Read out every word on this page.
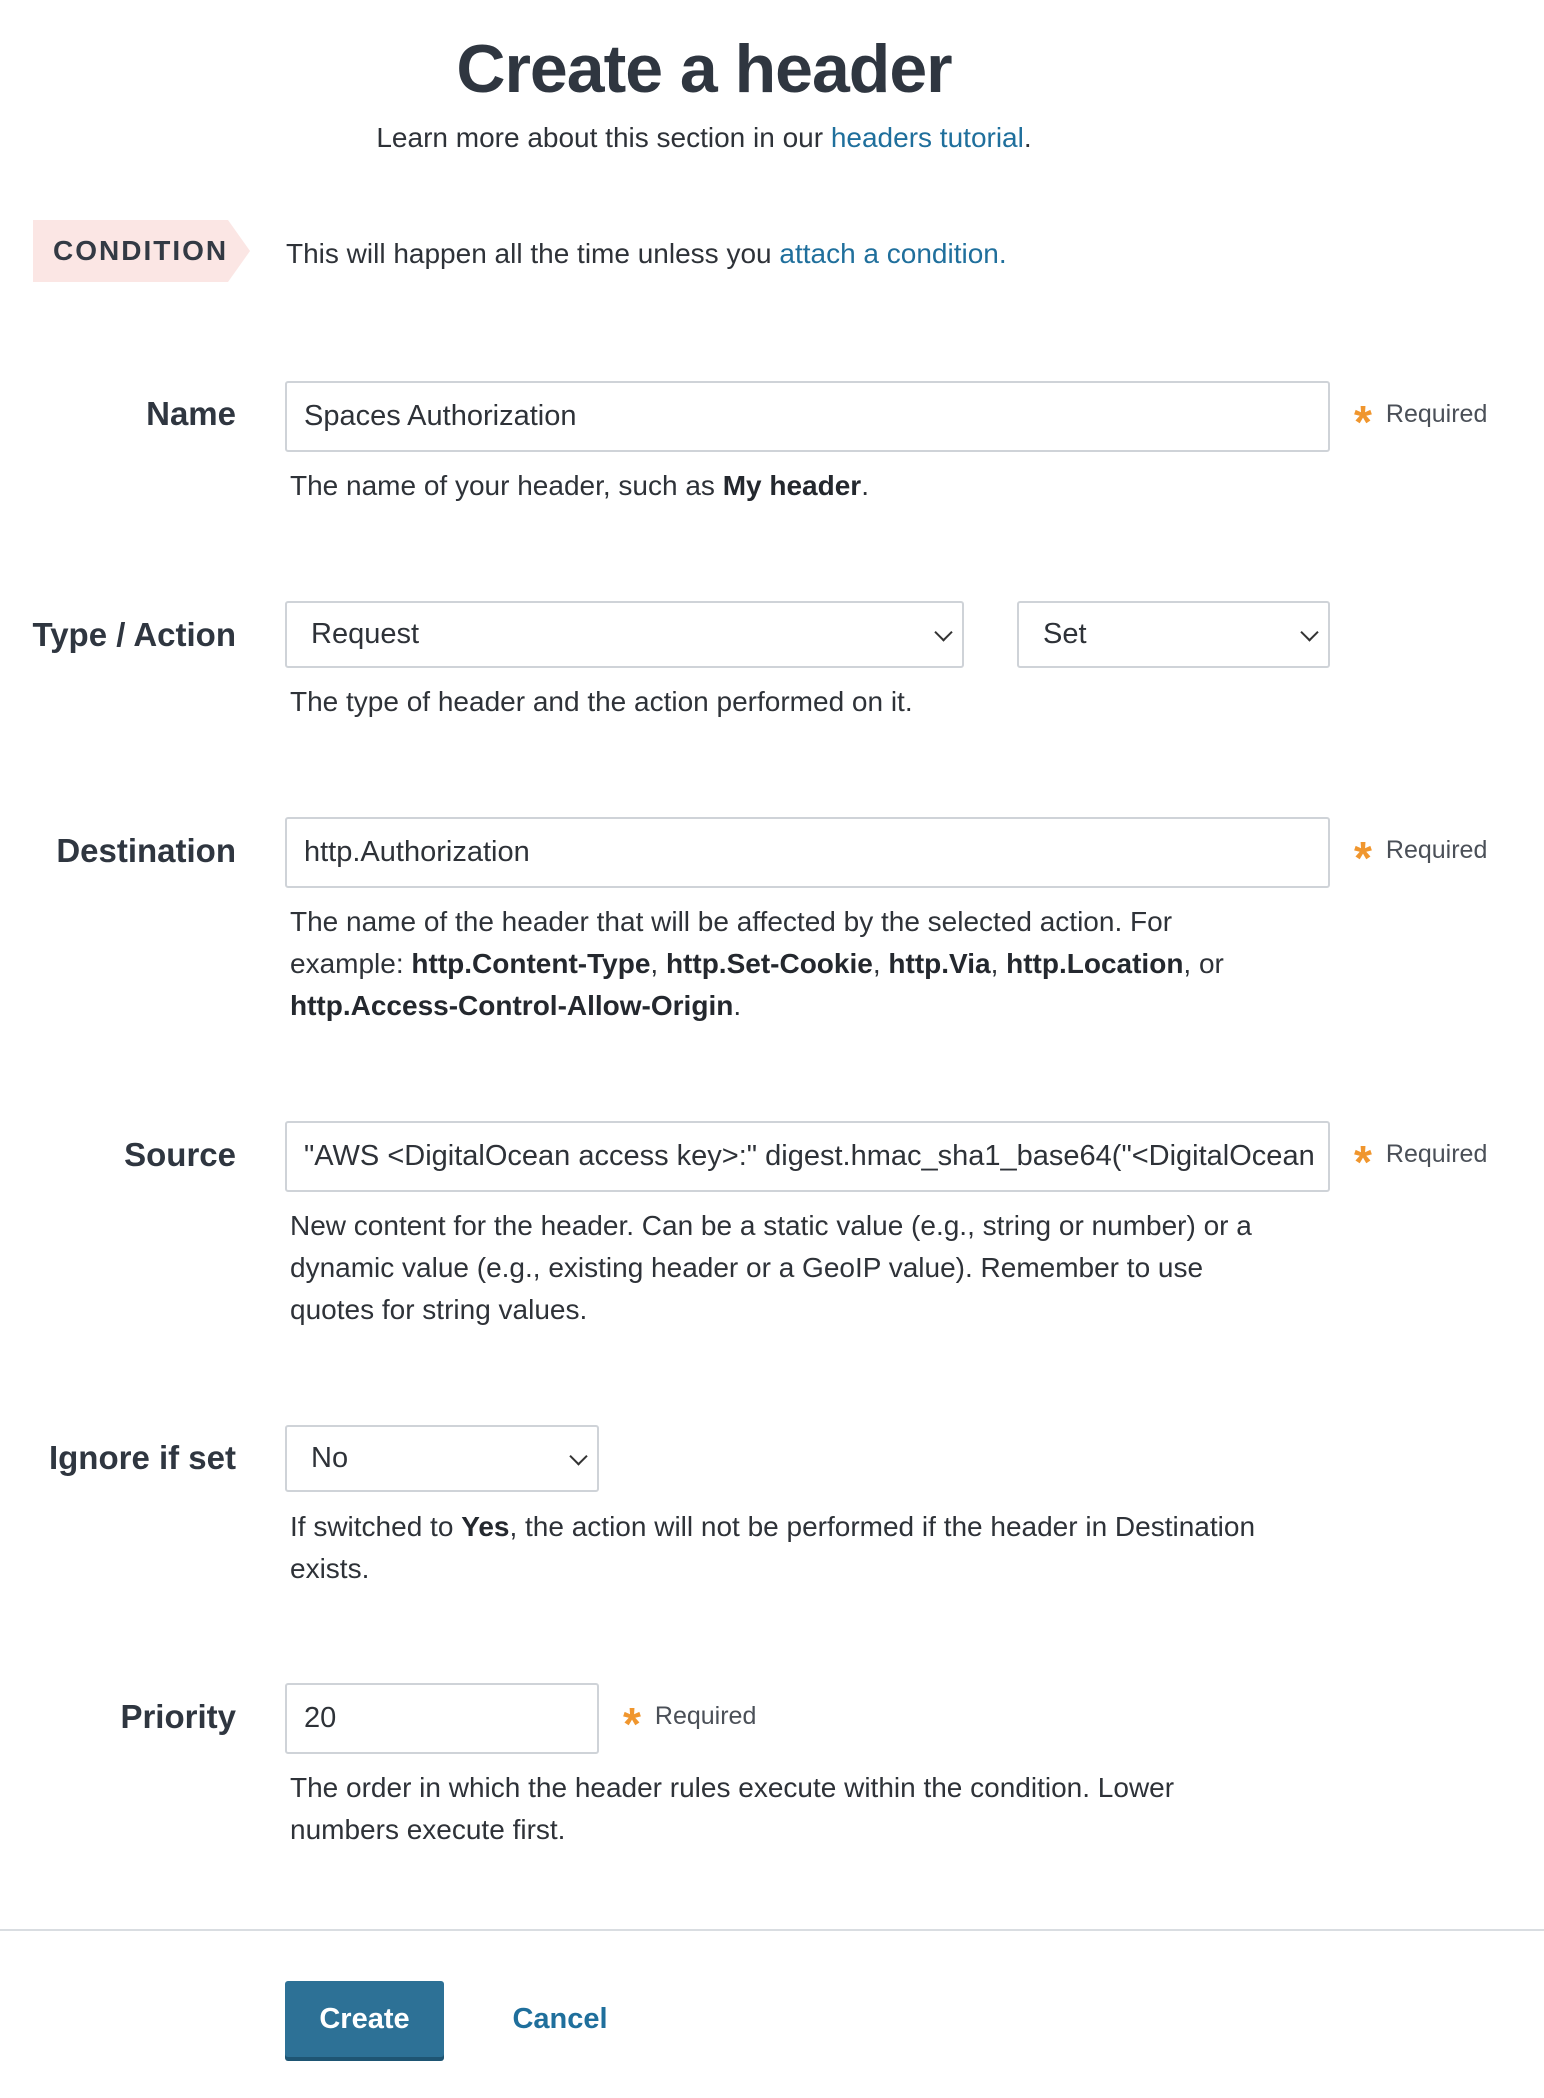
Create a header
Learn more about this section in our headers tutorial.
CONDITION This will happen all the time unless you attach a condition.
Name Spaces Authorization	* Required
The name of your header, such as My header.
Type / Action	Request	Set
The type of header and the action performed on it.
Destination http.Authorization	* Required
The name of the header that will be affected by the selected action. For
example: http.Content-Type, http.Set-Cookie, http.Via, http.Location, or
http.Access-Control-Allow-Origin.
Source "AWS <DigitalOcean access key>:" digest.hmac_sha1_base64("<DigitalOcean * Required
New content for the header. Can be a static value (e.g., string or number) or a
dynamic value (e.g., existing header or a GeoIP value). Remember to use
quotes for string values.
Ignore if set	No
If switched to Yes, the action will not be performed if the header in Destination
exists.
Priority 20	* Required
The order in which the header rules execute within the condition. Lower
numbers execute first.
Create	Cancel
